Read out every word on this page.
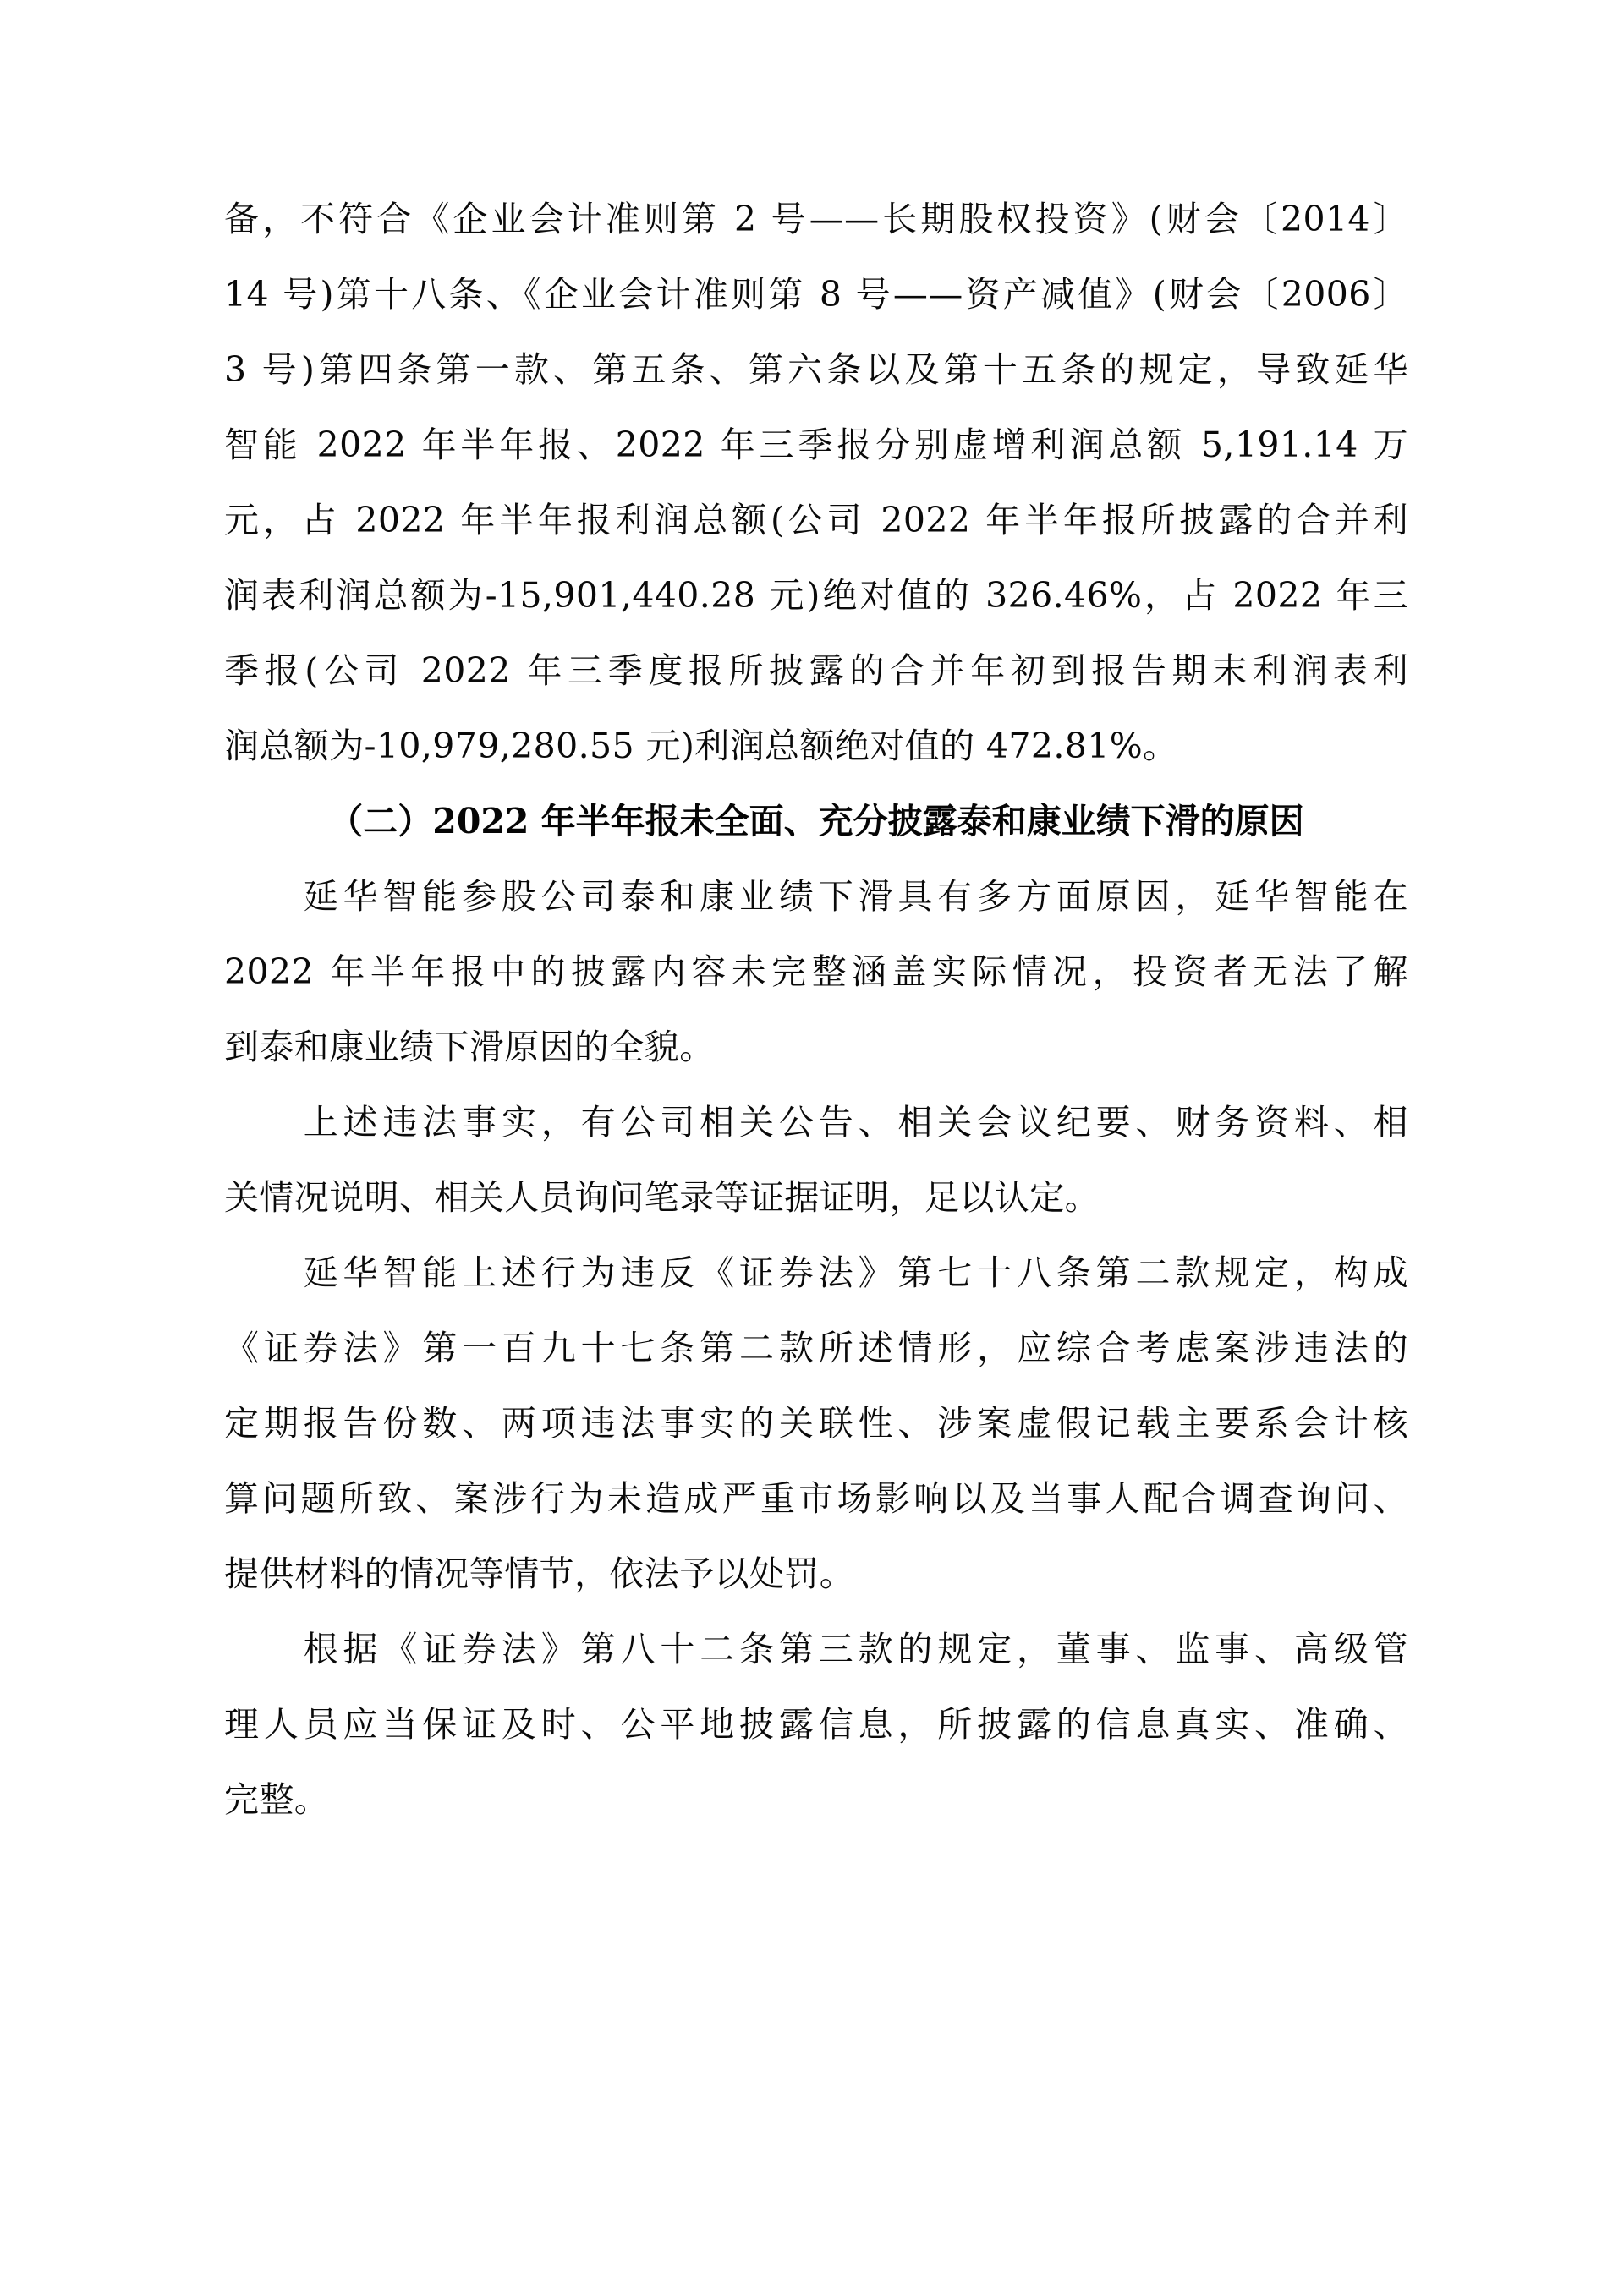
备，不符合《企业会计准则第 2 号——长期股权投资》(财会〔2014〕
14 号)第十八条、《企业会计准则第 8 号——资产减值》(财会〔2006〕
3 号)第四条第一款、第五条、第六条以及第十五条的规定，导致延华
智能 2022 年半年报、2022 年三季报分别虚增利润总额 5,191.14 万
元，占 2022 年半年报利润总额(公司 2022 年半年报所披露的合并利
润表利润总额为-15,901,440.28 元)绝对值的 326.46%，占 2022 年三
季报(公司 2022 年三季度报所披露的合并年初到报告期末利润表利
润总额为-10,979,280.55 元)利润总额绝对值的 472.81%。
（二）2022 年半年报未全面、充分披露泰和康业绩下滑的原因
　　延华智能参股公司泰和康业绩下滑具有多方面原因，延华智能在
2022 年半年报中的披露内容未完整涵盖实际情况，投资者无法了解
到泰和康业绩下滑原因的全貌。
　　上述违法事实，有公司相关公告、相关会议纪要、财务资料、相
关情况说明、相关人员询问笔录等证据证明，足以认定。
　　延华智能上述行为违反《证券法》第七十八条第二款规定，构成
《证券法》第一百九十七条第二款所述情形，应综合考虑案涉违法的
定期报告份数、两项违法事实的关联性、涉案虚假记载主要系会计核
算问题所致、案涉行为未造成严重市场影响以及当事人配合调查询问、
提供材料的情况等情节，依法予以处罚。
　　根据《证券法》第八十二条第三款的规定，董事、监事、高级管
理人员应当保证及时、公平地披露信息，所披露的信息真实、准确、
完整。
